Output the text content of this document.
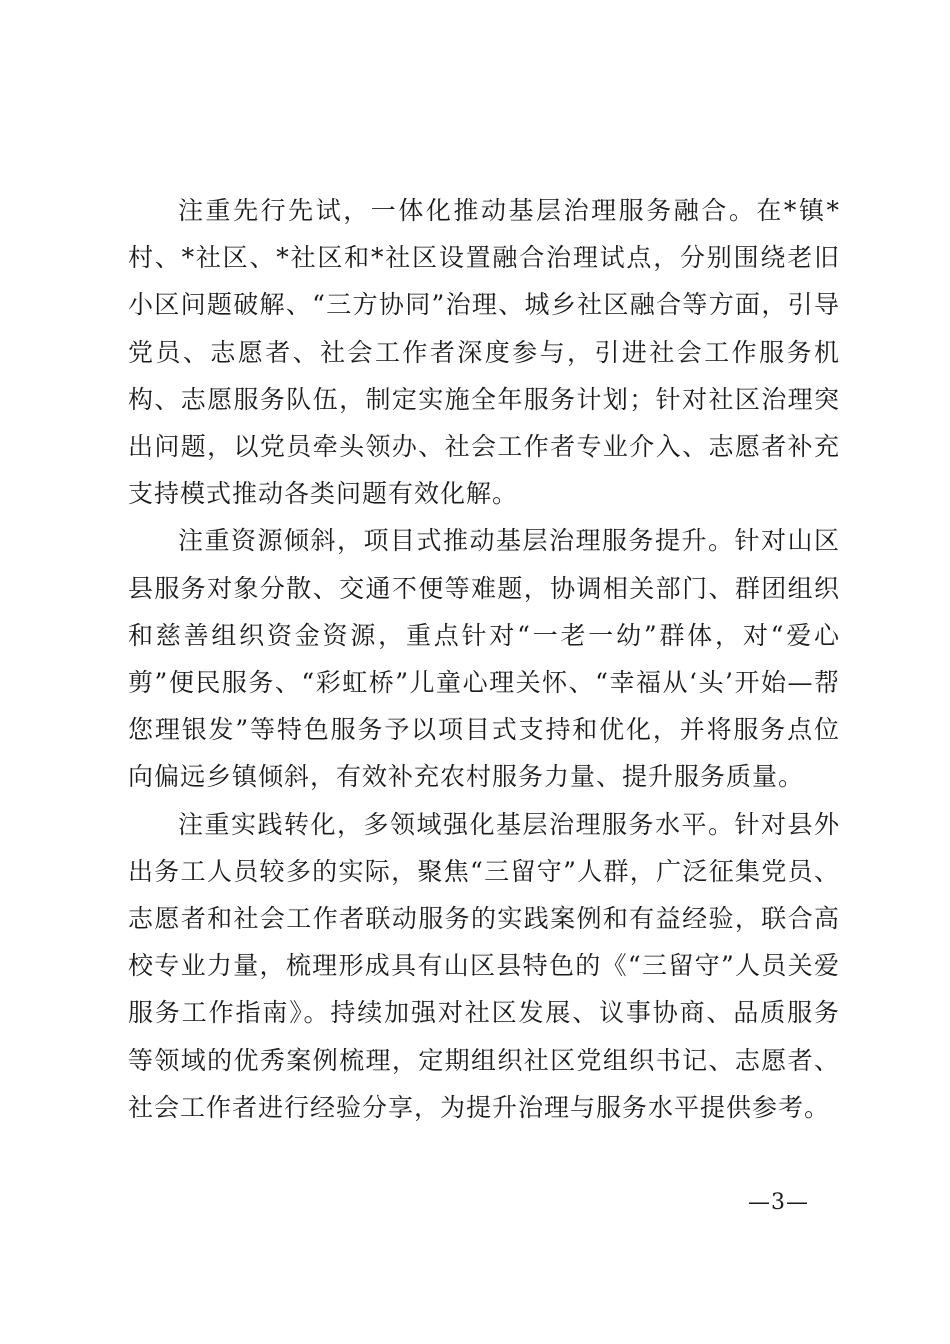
注重先行先试，一体化推动基层治理服务融合。在*镇*村、*社区、*社区和*社区设置融合治理试点，分别围绕老旧小区问题破解、“三方协同”治理、城乡社区融合等方面，引导党员、志愿者、社会工作者深度参与，引进社会工作服务机构、志愿服务队伍，制定实施全年服务计划；针对社区治理突出问题，以党员牵头领办、社会工作者专业介入、志愿者补充支持模式推动各类问题有效化解。

注重资源倾斜，项目式推动基层治理服务提升。针对山区县服务对象分散、交通不便等难题，协调相关部门、群团组织和慈善组织资金资源，重点针对“一老一幼”群体，对“爱心剪”便民服务、“彩虹桥”儿童心理关怀、“幸福从‘头’开始—帮您理银发”等特色服务予以项目式支持和优化，并将服务点位向偏远乡镇倾斜，有效补充农村服务力量、提升服务质量。

注重实践转化，多领域强化基层治理服务水平。针对县外出务工人员较多的实际，聚焦“三留守”人群，广泛征集党员、志愿者和社会工作者联动服务的实践案例和有益经验，联合高校专业力量，梳理形成具有山区县特色的《“三留守”人员关爱服务工作指南》。持续加强对社区发展、议事协商、品质服务等领域的优秀案例梳理，定期组织社区党组织书记、志愿者、社会工作者进行经验分享，为提升治理与服务水平提供参考。

—3—
